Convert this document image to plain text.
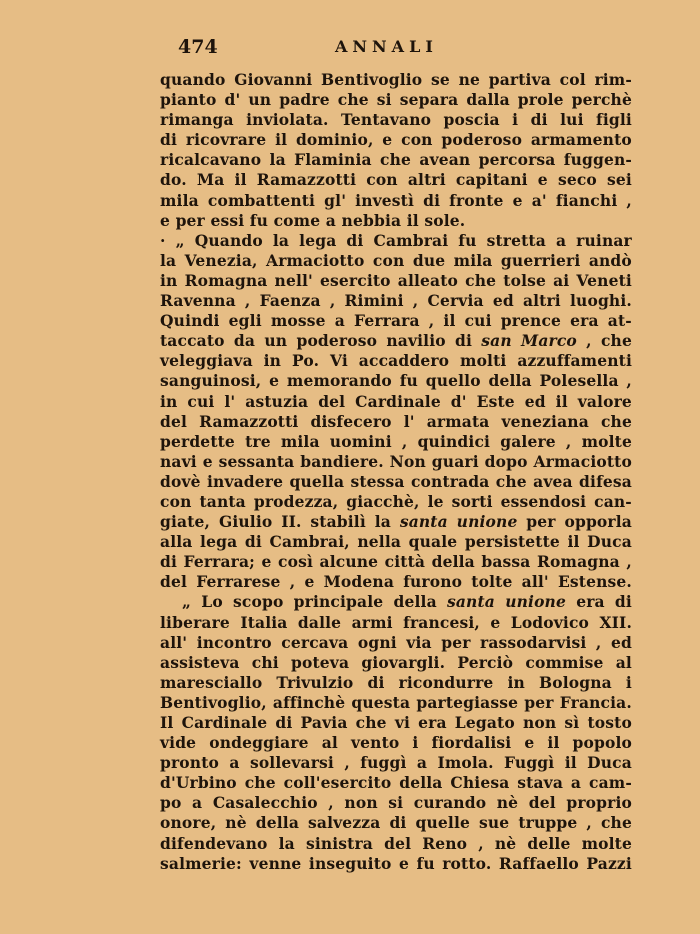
474	ANNALI
quando Giovanni Bentivoglio se ne partiva col rim-
pianto d' un padre che si separa dalla prole perchè
rimanga inviolata. Tentavano poscia i di lui figli
di ricovrare il dominio, e con poderoso armamento
ricalcavano la Flaminia che avean percorsa fuggen-
do. Ma il Ramazzotti con altri capitani e seco sei
mila combattenti gl' investì di fronte e a' fianchi ,
e
per
essi
fu
come
a
nebbia
il
sole.
· „ Quando la lega di Cambrai fu stretta a ruinar
la Venezia, Armaciotto con due mila guerrieri andò
in Romagna nell' esercito alleato che tolse ai Veneti
Ravenna , Faenza , Rimini , Cervia ed altri luoghi.
Quindi egli mosse a Ferrara , il cui prence era at-
taccato da un poderoso navilio di san Marco , che
veleggiava in Po. Vi accaddero molti azzuffamenti
sanguinosi, e memorando fu quello della Polesella ,
in cui l' astuzia del Cardinale d' Este ed il valore
del Ramazzotti disfecero l' armata veneziana che
perdette tre mila uomini , quindici galere , molte
navi e sessanta bandiere. Non guari dopo Armaciotto
dovè invadere quella stessa contrada che avea difesa
con tanta prodezza, giacchè, le sorti essendosi can-
giate, Giulio II. stabilì la santa unione per opporla
alla lega di Cambrai, nella quale persistette il Duca
di Ferrara; e così alcune città della bassa Romagna ,
del Ferrarese , e Modena furono tolte all' Estense.
„ Lo scopo principale della santa unione era di
liberare Italia dalle armi francesi, e Lodovico XII.
all' incontro cercava ogni via per rassodarvisi , ed
assisteva chi poteva giovargli. Perciò commise al
maresciallo Trivulzio di ricondurre in Bologna i
Bentivoglio, affinchè questa partegiasse per Francia.
Il Cardinale di Pavia che vi era Legato non sì tosto
vide ondeggiare al vento i fiordalisi e il popolo
pronto a sollevarsi , fuggì a Imola. Fuggì il Duca
d'Urbino che coll'esercito della Chiesa stava a cam-
po a Casalecchio , non si curando nè del proprio
onore, nè della salvezza di quelle sue truppe , che
difendevano la sinistra del Reno , nè delle molte
salmerie: venne inseguito e fu rotto. Raffaello Pazzi
